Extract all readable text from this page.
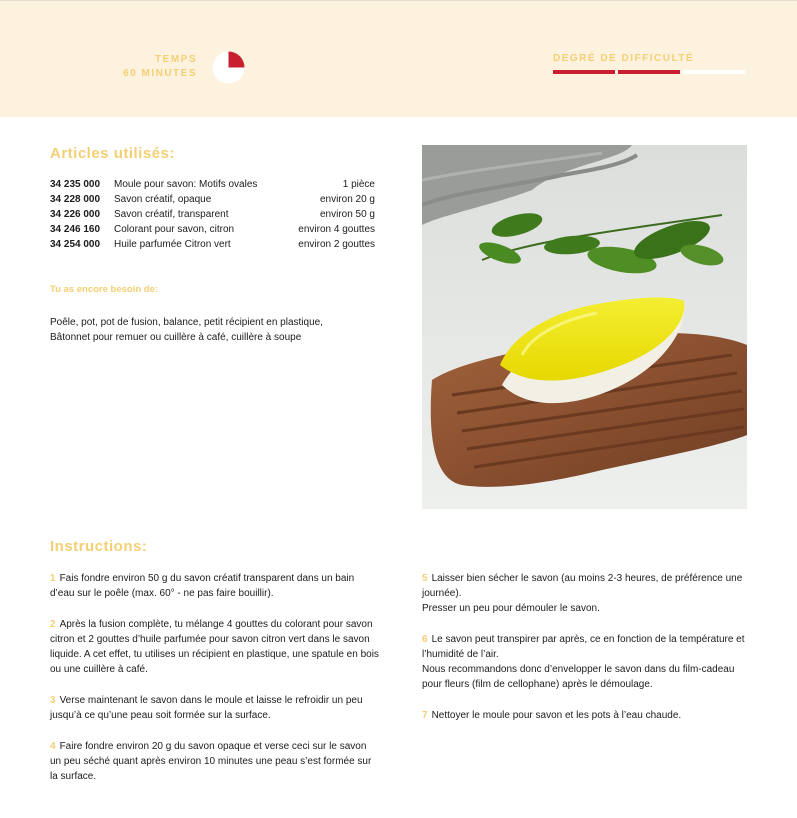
TEMPS
60 MINUTES
DEGRÉ DE DIFFICULTÉ
Articles utilisés:
34 235 000	Moule pour savon: Motifs ovales	1 pièce
34 228 000	Savon créatif, opaque	environ 20 g
34 226 000	Savon créatif, transparent	environ 50 g
34 246 160	Colorant pour savon, citron	environ 4 gouttes
34 254 000	Huile parfumée Citron vert	environ 2 gouttes
Tu as encore besoin de:
Poêle, pot, pot de fusion, balance, petit récipient en plastique,
Bâtonnet pour remuer ou cuillère à café, cuillère à soupe
Instructions:
1 Fais fondre environ 50 g du savon créatif transparent dans un bain
d’eau sur le poêle (max. 60° - ne pas faire bouillir).
2 Après la fusion complète, tu mélange 4 gouttes du colorant pour savon
citron et 2 gouttes d’huile parfumée pour savon citron vert dans le savon
liquide. A cet effet, tu utilises un récipient en plastique, une spatule en bois
ou une cuillère à café.
3 Verse maintenant le savon dans le moule et laisse le refroidir un peu
jusqu’à ce qu’une peau soit formée sur la surface.
4 Faire fondre environ 20 g du savon opaque et verse ceci sur le savon
un peu séché quant après environ 10 minutes une peau s’est formée sur
la surface.
5 Laisser bien sécher le savon (au moins 2-3 heures, de préférence une
journée).
Presser un peu pour démouler le savon.
6 Le savon peut transpirer par après, ce en fonction de la température et
l’humidité de l’air.
Nous recommandons donc d’envelopper le savon dans du film-cadeau
pour fleurs (film de cellophane) après le démoulage.
7 Nettoyer le moule pour savon et les pots à l’eau chaude.
